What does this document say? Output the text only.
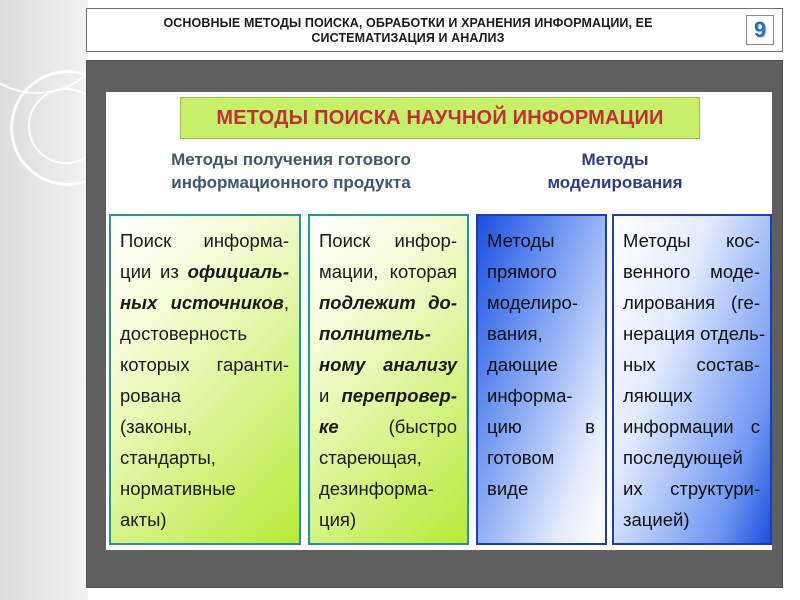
ОСНОВНЫЕ МЕТОДЫ ПОИСКА, ОБРАБОТКИ И ХРАНЕНИЯ ИНФОРМАЦИИ, ЕЕ
СИСТЕМАТИЗАЦИЯ И АНАЛИЗ	9
МЕТОДЫ ПОИСКА НАУЧНОЙ ИНФОРМАЦИИ
Методы получения готового
информационного продукта
Методы
моделирования
Поиск информа-
ции из официаль-
ных источников,
достоверность
которых гаранти-
рована
(законы,
стандарты,
нормативные
акты)
Поиск инфор-
мации, которая
подлежит до-
полнитель-
ному анализу
и перепровер-
ке (быстро
стареющая,
дезинформа-
ция)
Методы
прямого
моделиро-
вания,
дающие
информа-
цию в
готовом
виде
Методы кос-
венного моде-
лирования (ге-
нерация отдель-
ных состав-
ляющих
информации с
последующей
их структури-
зацией)
